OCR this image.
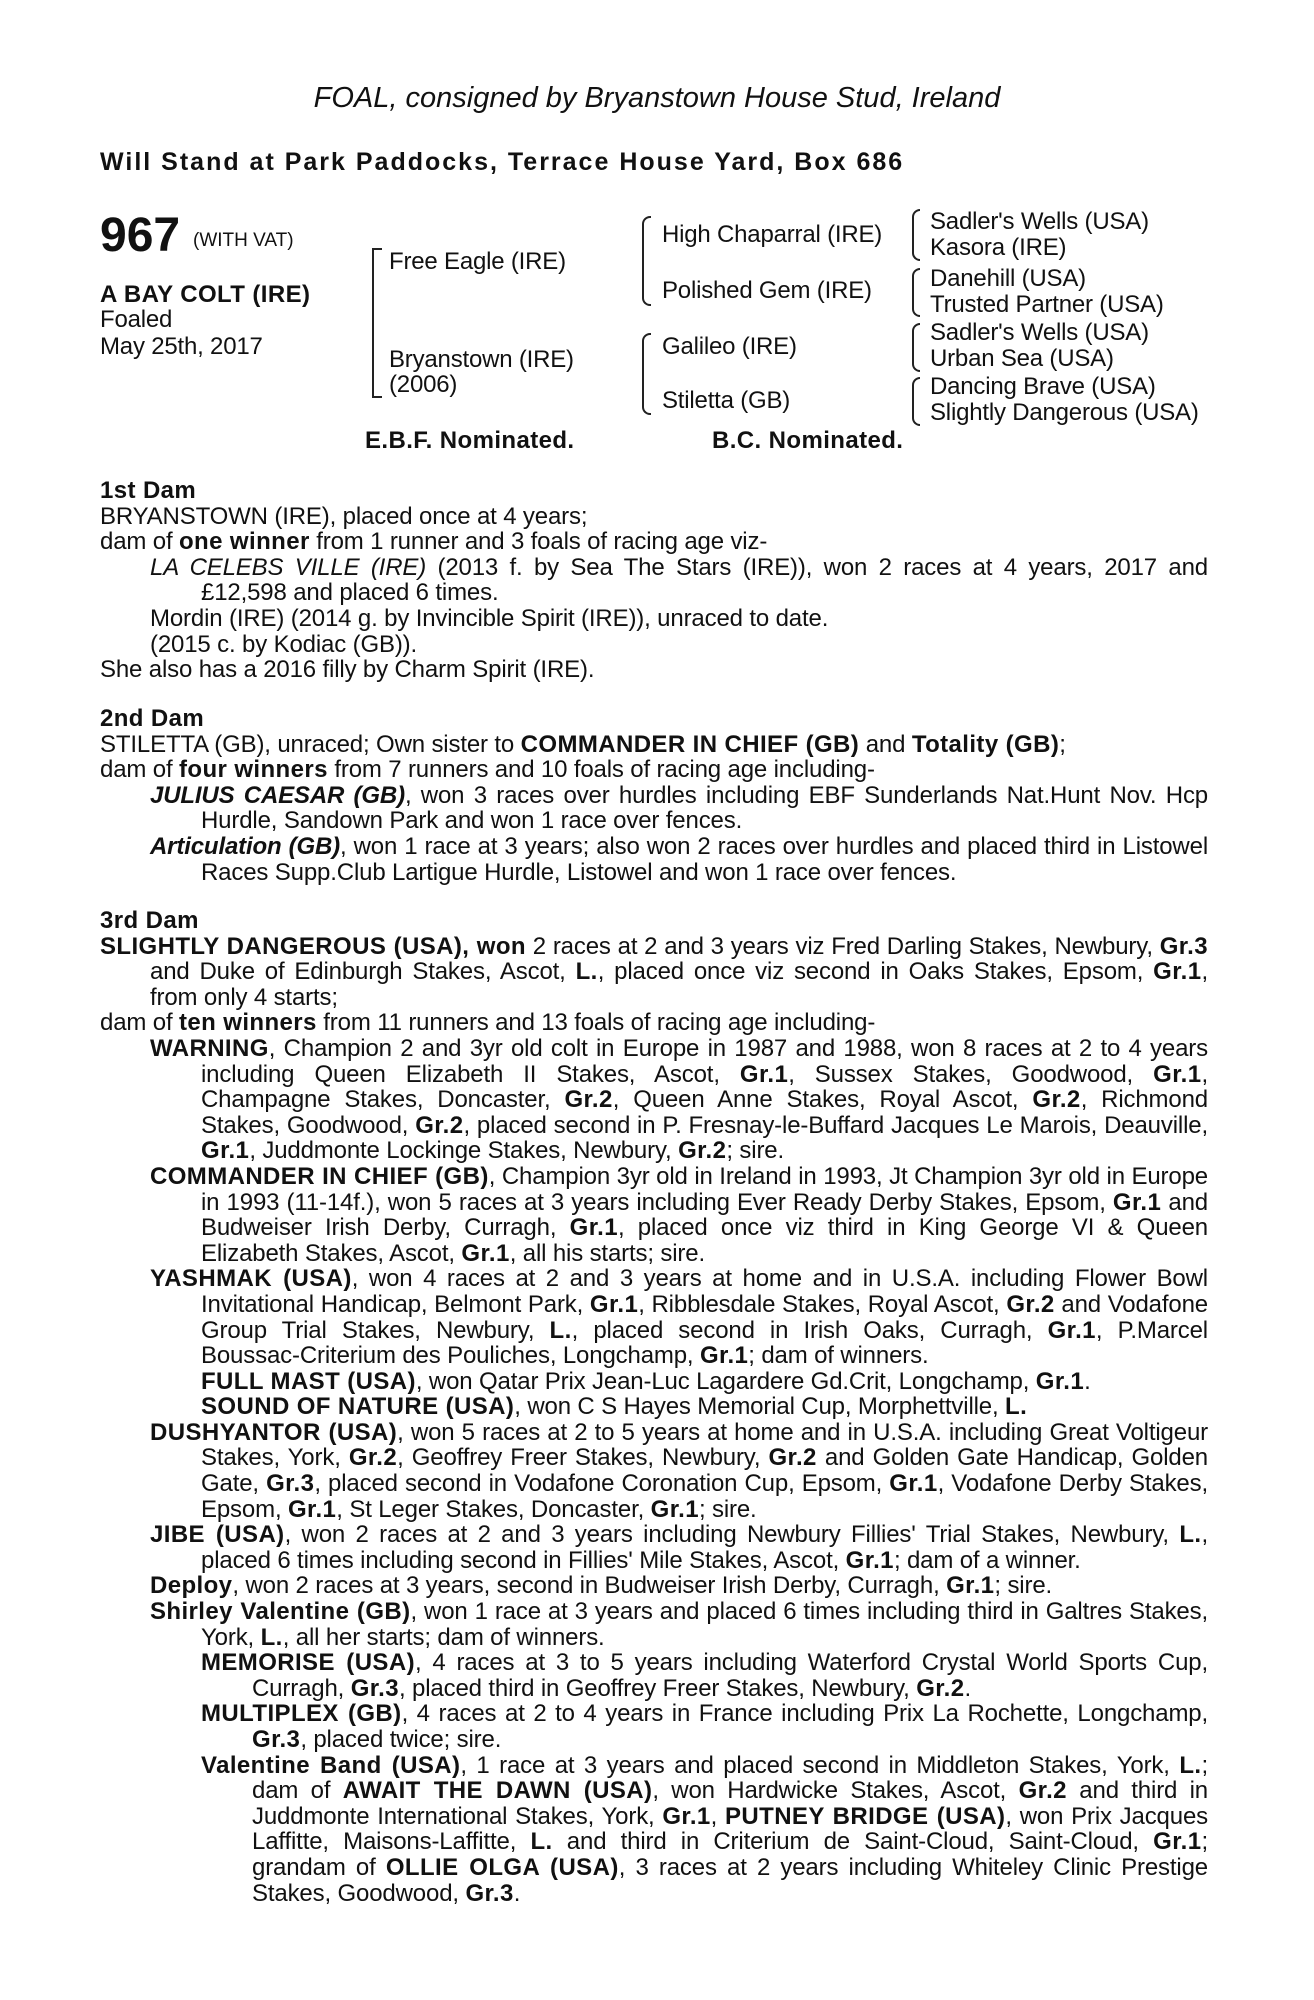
FOAL, consigned by Bryanstown House Stud, Ireland
Will Stand at Park Paddocks, Terrace House Yard, Box 686
967 (WITH VAT)
A BAY COLT (IRE)
Foaled
May 25th, 2017
Free Eagle (IRE)
Bryanstown (IRE)
(2006)
High Chaparral (IRE)
Polished Gem (IRE)
Galileo (IRE)
Stiletta (GB)
Sadler's Wells (USA)
Kasora (IRE)
Danehill (USA)
Trusted Partner (USA)
Sadler's Wells (USA)
Urban Sea (USA)
Dancing Brave (USA)
Slightly Dangerous (USA)
E.B.F. Nominated.	B.C. Nominated.
1st Dam
BRYANSTOWN (IRE), placed once at 4 years;
dam of one winner from 1 runner and 3 foals of racing age viz-
LA CELEBS VILLE (IRE) (2013 f. by Sea The Stars (IRE)), won 2 races at 4 years, 2017 and £12,598 and placed 6 times.
Mordin (IRE) (2014 g. by Invincible Spirit (IRE)), unraced to date.
(2015 c. by Kodiac (GB)).
She also has a 2016 filly by Charm Spirit (IRE).
2nd Dam
STILETTA (GB), unraced; Own sister to COMMANDER IN CHIEF (GB) and Totality (GB);
dam of four winners from 7 runners and 10 foals of racing age including-
JULIUS CAESAR (GB), won 3 races over hurdles including EBF Sunderlands Nat.Hunt Nov. Hcp Hurdle, Sandown Park and won 1 race over fences.
Articulation (GB), won 1 race at 3 years; also won 2 races over hurdles and placed third in Listowel Races Supp.Club Lartigue Hurdle, Listowel and won 1 race over fences.
3rd Dam
SLIGHTLY DANGEROUS (USA), won 2 races at 2 and 3 years viz Fred Darling Stakes, Newbury, Gr.3 and Duke of Edinburgh Stakes, Ascot, L., placed once viz second in Oaks Stakes, Epsom, Gr.1, from only 4 starts;
dam of ten winners from 11 runners and 13 foals of racing age including-
WARNING, Champion 2 and 3yr old colt in Europe in 1987 and 1988, won 8 races at 2 to 4 years including Queen Elizabeth II Stakes, Ascot, Gr.1, Sussex Stakes, Goodwood, Gr.1, Champagne Stakes, Doncaster, Gr.2, Queen Anne Stakes, Royal Ascot, Gr.2, Richmond Stakes, Goodwood, Gr.2, placed second in P. Fresnay-le-Buffard Jacques Le Marois, Deauville, Gr.1, Juddmonte Lockinge Stakes, Newbury, Gr.2; sire.
COMMANDER IN CHIEF (GB), Champion 3yr old in Ireland in 1993, Jt Champion 3yr old in Europe in 1993 (11-14f.), won 5 races at 3 years including Ever Ready Derby Stakes, Epsom, Gr.1 and Budweiser Irish Derby, Curragh, Gr.1, placed once viz third in King George VI & Queen Elizabeth Stakes, Ascot, Gr.1, all his starts; sire.
YASHMAK (USA), won 4 races at 2 and 3 years at home and in U.S.A. including Flower Bowl Invitational Handicap, Belmont Park, Gr.1, Ribblesdale Stakes, Royal Ascot, Gr.2 and Vodafone Group Trial Stakes, Newbury, L., placed second in Irish Oaks, Curragh, Gr.1, P.Marcel Boussac-Criterium des Pouliches, Longchamp, Gr.1; dam of winners.
FULL MAST (USA), won Qatar Prix Jean-Luc Lagardere Gd.Crit, Longchamp, Gr.1.
SOUND OF NATURE (USA), won C S Hayes Memorial Cup, Morphettville, L.
DUSHYANTOR (USA), won 5 races at 2 to 5 years at home and in U.S.A. including Great Voltigeur Stakes, York, Gr.2, Geoffrey Freer Stakes, Newbury, Gr.2 and Golden Gate Handicap, Golden Gate, Gr.3, placed second in Vodafone Coronation Cup, Epsom, Gr.1, Vodafone Derby Stakes, Epsom, Gr.1, St Leger Stakes, Doncaster, Gr.1; sire.
JIBE (USA), won 2 races at 2 and 3 years including Newbury Fillies' Trial Stakes, Newbury, L., placed 6 times including second in Fillies' Mile Stakes, Ascot, Gr.1; dam of a winner.
Deploy, won 2 races at 3 years, second in Budweiser Irish Derby, Curragh, Gr.1; sire.
Shirley Valentine (GB), won 1 race at 3 years and placed 6 times including third in Galtres Stakes, York, L., all her starts; dam of winners.
MEMORISE (USA), 4 races at 3 to 5 years including Waterford Crystal World Sports Cup, Curragh, Gr.3, placed third in Geoffrey Freer Stakes, Newbury, Gr.2.
MULTIPLEX (GB), 4 races at 2 to 4 years in France including Prix La Rochette, Longchamp, Gr.3, placed twice; sire.
Valentine Band (USA), 1 race at 3 years and placed second in Middleton Stakes, York, L.; dam of AWAIT THE DAWN (USA), won Hardwicke Stakes, Ascot, Gr.2 and third in Juddmonte International Stakes, York, Gr.1, PUTNEY BRIDGE (USA), won Prix Jacques Laffitte, Maisons-Laffitte, L. and third in Criterium de Saint-Cloud, Saint-Cloud, Gr.1; grandam of OLLIE OLGA (USA), 3 races at 2 years including Whiteley Clinic Prestige Stakes, Goodwood, Gr.3.
